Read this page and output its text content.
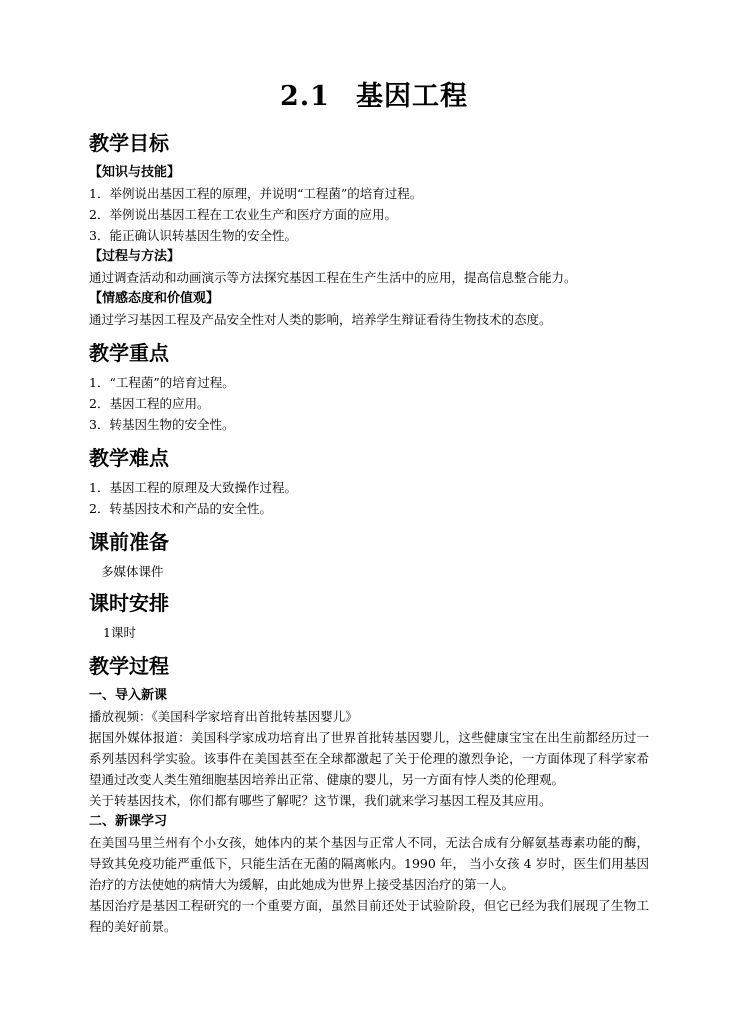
2.1 基因工程
教学目标
【知识与技能】
1．举例说出基因工程的原理，并说明“工程菌”的培育过程。
2．举例说出基因工程在工农业生产和医疗方面的应用。
3．能正确认识转基因生物的安全性。
【过程与方法】
通过调查活动和动画演示等方法探究基因工程在生产生活中的应用，提高信息整合能力。
【情感态度和价值观】
通过学习基因工程及产品安全性对人类的影响，培养学生辩证看待生物技术的态度。
教学重点
1．“工程菌”的培育过程。
2．基因工程的应用。
3．转基因生物的安全性。
教学难点
1．基因工程的原理及大致操作过程。
2．转基因技术和产品的安全性。
课前准备
多媒体课件
课时安排
1课时
教学过程
一、导入新课
播放视频：《美国科学家培育出首批转基因婴儿》
据国外媒体报道：美国科学家成功培育出了世界首批转基因婴儿，这些健康宝宝在出生前都经历过一系列基因科学实验。该事件在美国甚至在全球都激起了关于伦理的激烈争论，一方面体现了科学家希望通过改变人类生殖细胞基因培养出正常、健康的婴儿，另一方面有悖人类的伦理观。
关于转基因技术，你们都有哪些了解呢？这节课，我们就来学习基因工程及其应用。
二、新课学习
在美国马里兰州有个小女孩，她体内的某个基因与正常人不同，无法合成有分解氨基毒素功能的酶，导致其免疫功能严重低下，只能生活在无菌的隔离帐内。1990 年， 当小女孩 4 岁时，医生们用基因治疗的方法使她的病情大为缓解，由此她成为世界上接受基因治疗的第一人。
基因治疗是基因工程研究的一个重要方面，虽然目前还处于试验阶段，但它已经为我们展现了生物工程的美好前景。
